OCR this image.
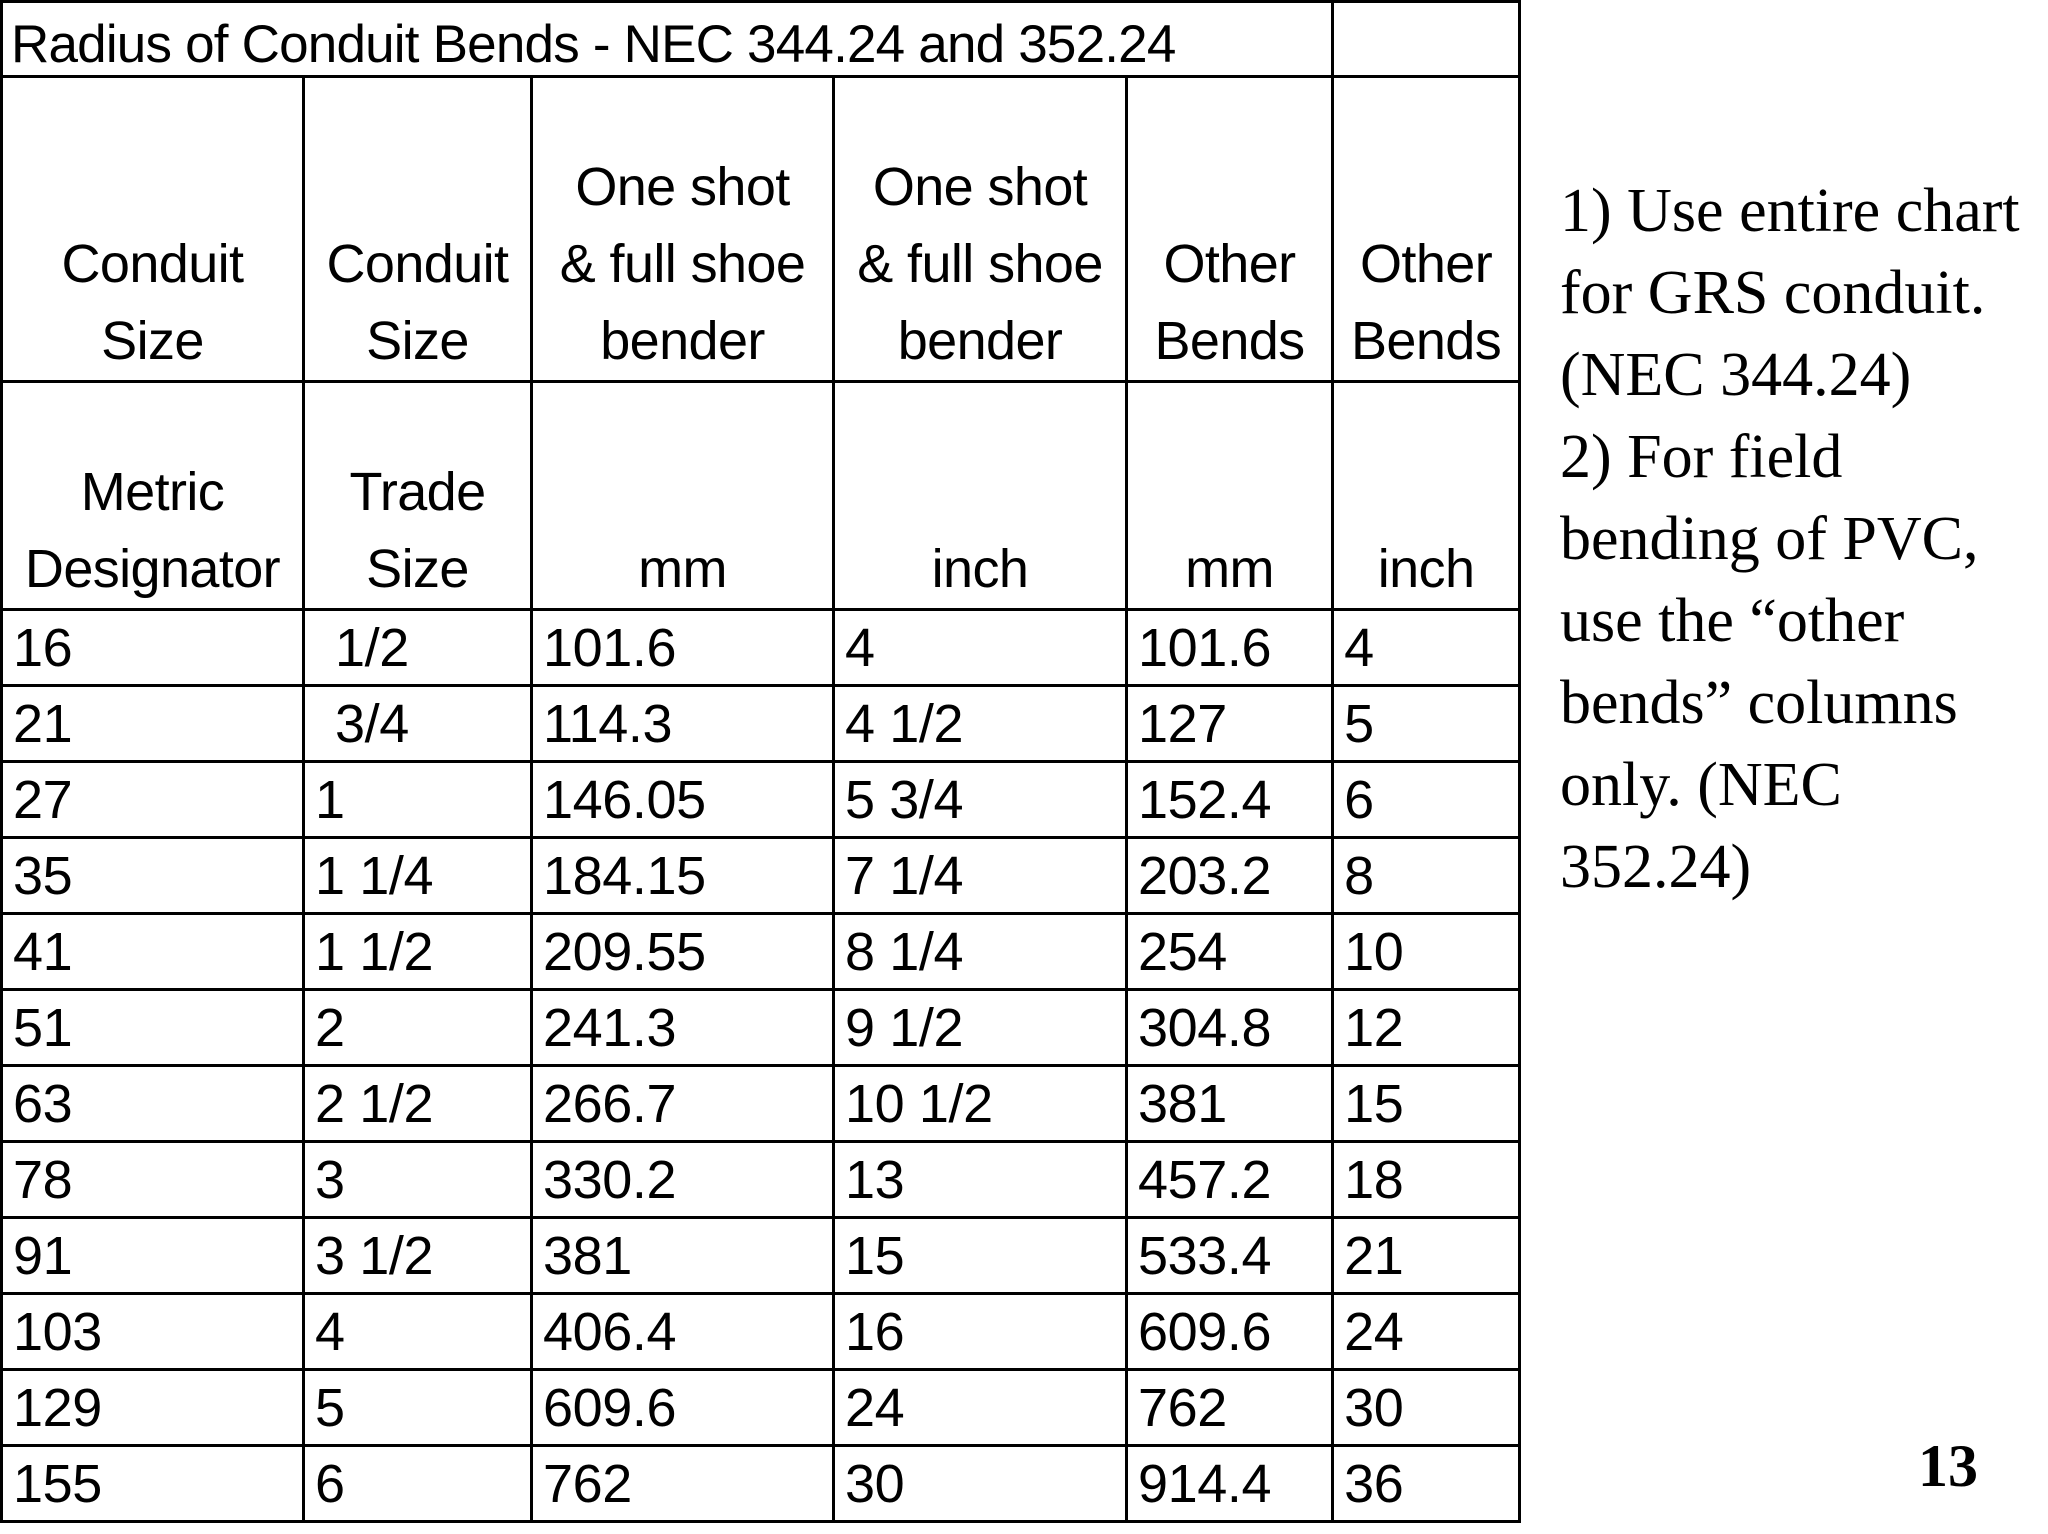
Radius of Conduit Bends - NEC 344.24 and 352.24					

Conduit
Size	Conduit
Size	One shot
& full shoe
bender	One shot
& full shoe
bender	Other
Bends	Other
Bends

Metric
Designator	Trade
Size	mm	inch	mm	inch

16	1/2	101.6	4	101.6	4
21	3/4	114.3	4 1/2	127	5
27	1	146.05	5 3/4	152.4	6
35	1 1/4	184.15	7 1/4	203.2	8
41	1 1/2	209.55	8 1/4	254	10
51	2	241.3	9 1/2	304.8	12
63	2 1/2	266.7	10 1/2	381	15
78	3	330.2	13	457.2	18
91	3 1/2	381	15	533.4	21
103	4	406.4	16	609.6	24
129	5	609.6	24	762	30
155	6	762	30	914.4	36

1) Use entire chart for GRS conduit. (NEC 344.24)

2) For field bending of PVC, use the “other bends” columns only. (NEC 352.24)

13
